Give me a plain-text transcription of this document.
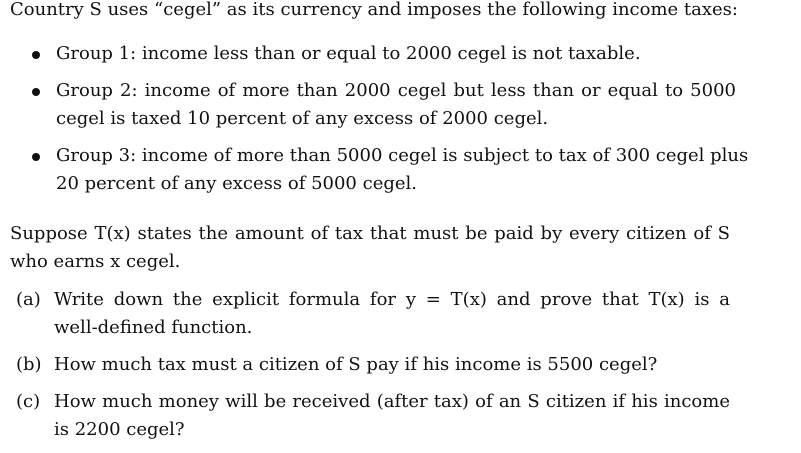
Country S uses “cegel” as its currency and imposes the following income taxes:
Group 1: income less than or equal to 2000 cegel is not taxable.
Group 2: income of more than 2000 cegel but less than or equal to 5000
cegel is taxed 10 percent of any excess of 2000 cegel.
Group 3: income of more than 5000 cegel is subject to tax of 300 cegel plus
20 percent of any excess of 5000 cegel.
Suppose T(x) states the amount of tax that must be paid by every citizen of S
who earns x cegel.
(a) Write down the explicit formula for y = T(x) and prove that T(x) is a
well-defined function.
(b) How much tax must a citizen of S pay if his income is 5500 cegel?
(c) How much money will be received (after tax) of an S citizen if his income
is 2200 cegel?
